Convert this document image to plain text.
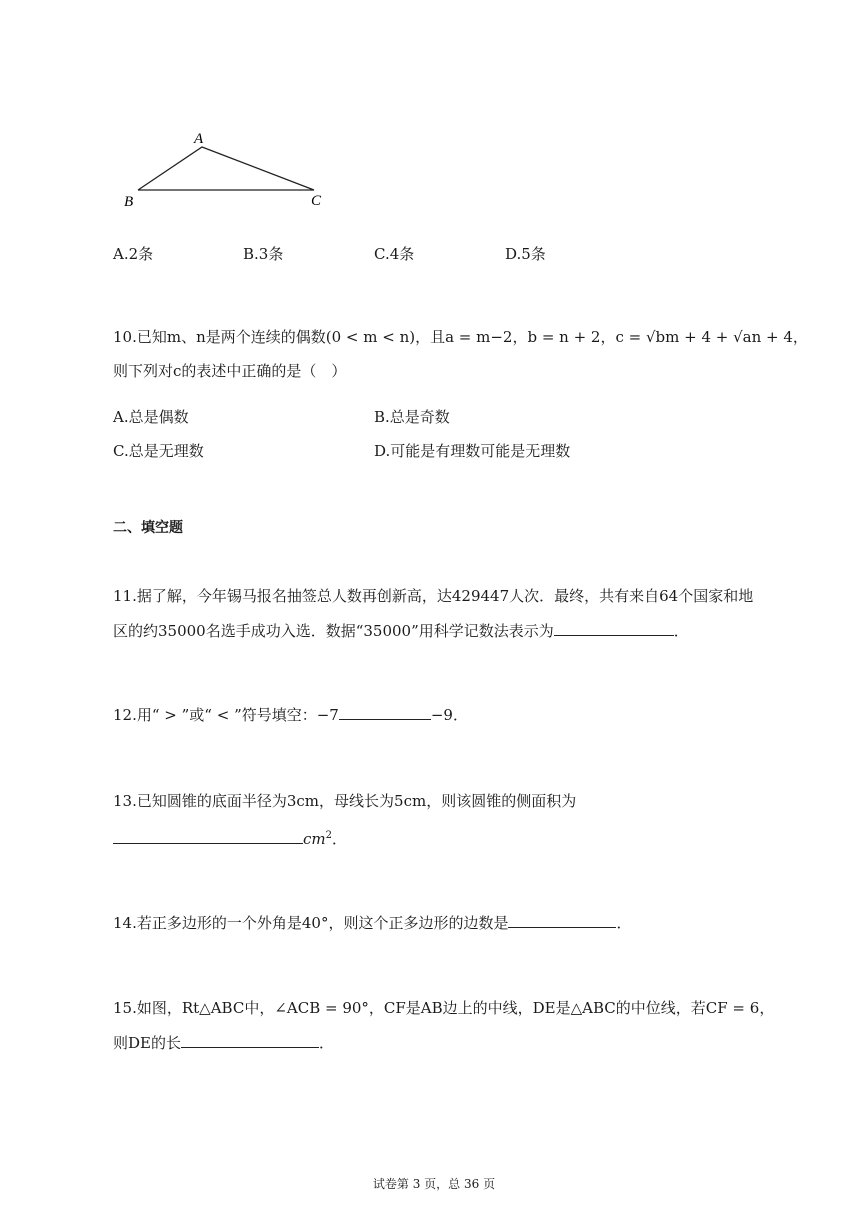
A
B	C
A.2条	B.3条	C.4条	D.5条
10.已知m、n是两个连续的偶数(0 < m < n)，且a = m−2，b = n + 2，c = √bm + 4 + √an + 4，
则下列对c的表述中正确的是（　）
A.总是偶数	B.总是奇数
C.总是无理数	D.可能是有理数可能是无理数
二、填空题
11.据了解，今年锡马报名抽签总人数再创新高，达429447人次．最终，共有来自64个国家和地
区的约35000名选手成功入选．数据“35000”用科学记数法表示为	．
12.用“ > ”或“ < ”符号填空：−7	−9．
13.已知圆锥的底面半径为3cm，母线长为5cm，则该圆锥的侧面积为
$cm^2$．
14.若正多边形的一个外角是40°，则这个正多边形的边数是	．
15.如图，Rt△ABC中，∠ACB = 90°，CF是AB边上的中线，DE是△ABC的中位线，若CF = 6，
则DE的长	．
试卷第 3 页，总 36 页
